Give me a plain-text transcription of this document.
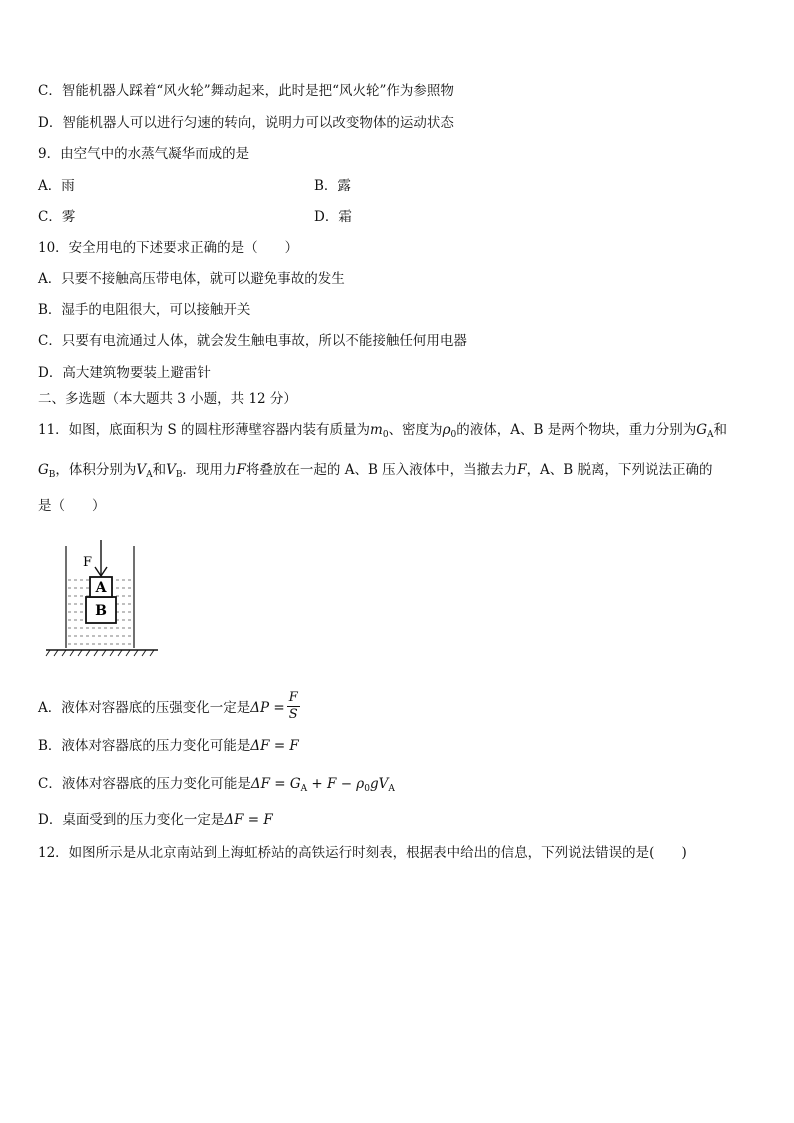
C．智能机器人踩着“风火轮”舞动起来，此时是把“风火轮”作为参照物
D．智能机器人可以进行匀速的转向，说明力可以改变物体的运动状态
9．由空气中的水蒸气凝华而成的是
A．雨	B．露
C．雾	D．霜
10．安全用电的下述要求正确的是（　　）
A．只要不接触高压带电体，就可以避免事故的发生
B．湿手的电阻很大，可以接触开关
C．只要有电流通过人体，就会发生触电事故，所以不能接触任何用电器
D．高大建筑物要装上避雷针
二、多选题（本大题共 3 小题，共 12 分）
11．如图，底面积为 S 的圆柱形薄壁容器内装有质量为$m_0$、密度为$\rho_0$的液体，A、B 是两个物块，重力分别为$G_A$和
$G_B$，体积分别为$V_A$和$V_B$．现用力F将叠放在一起的 A、B 压入液体中，当撤去力F，A、B 脱离，下列说法正确的
是（　　）
B
A
F
A．液体对容器底的压强变化一定是$\Delta P = \frac{F}{S}$
B．液体对容器底的压力变化可能是ΔF = F
C．液体对容器底的压力变化可能是$\Delta F = G_A + F - \rho_0gV_A$
D．桌面受到的压力变化一定是ΔF = F
12．如图所示是从北京南站到上海虹桥站的高铁运行时刻表，根据表中给出的信息，下列说法错误的是(　　)
